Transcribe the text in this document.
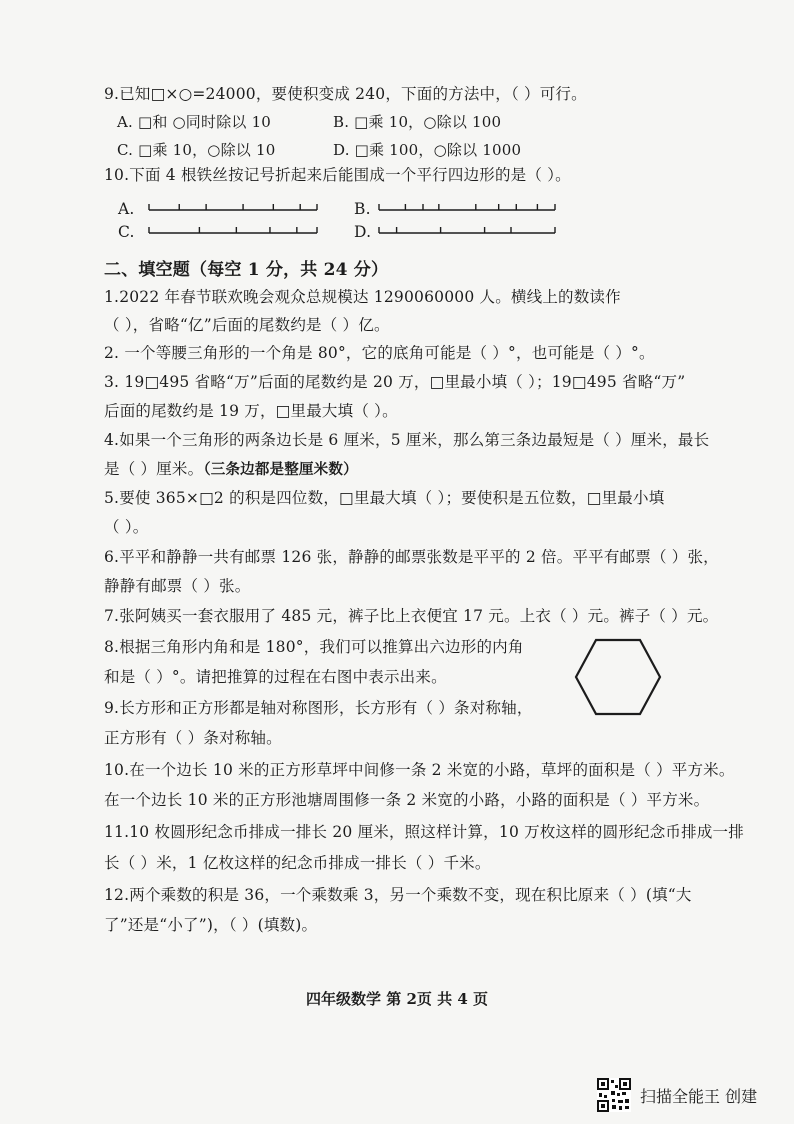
9.已知□×○=24000，要使积变成 240，下面的方法中，（ ）可行。
A. □和 ○同时除以 10	B. □乘 10，○除以 100
C. □乘 10，○除以 10	D. □乘 100，○除以 1000
10.下面 4 根铁丝按记号折起来后能围成一个平行四边形的是（ ）。
A.	B.
C.	D.
二、填空题（每空 1 分，共 24 分）
1.2022 年春节联欢晚会观众总规模达 1290060000 人。横线上的数读作
（ ），省略“亿”后面的尾数约是（ ）亿。
2. 一个等腰三角形的一个角是 80°，它的底角可能是（ ）°，也可能是（ ）°。
3. 19□495 省略“万”后面的尾数约是 20 万，□里最小填（ ）；19□495 省略“万”
后面的尾数约是 19 万，□里最大填（ ）。
4.如果一个三角形的两条边长是 6 厘米，5 厘米，那么第三条边最短是（ ）厘米，最长
是（ ）厘米。（三条边都是整厘米数）
5.要使 365×□2 的积是四位数，□里最大填（ ）；要使积是五位数，□里最小填
（ ）。
6.平平和静静一共有邮票 126 张，静静的邮票张数是平平的 2 倍。平平有邮票（ ）张，
静静有邮票（ ）张。
7.张阿姨买一套衣服用了 485 元，裤子比上衣便宜 17 元。上衣（ ）元。裤子（ ）元。
8.根据三角形内角和是 180°，我们可以推算出六边形的内角
和是（ ）°。请把推算的过程在右图中表示出来。
9.长方形和正方形都是轴对称图形，长方形有（ ）条对称轴，
正方形有（ ）条对称轴。
10.在一个边长 10 米的正方形草坪中间修一条 2 米宽的小路，草坪的面积是（ ）平方米。
在一个边长 10 米的正方形池塘周围修一条 2 米宽的小路，小路的面积是（ ）平方米。
11.10 枚圆形纪念币排成一排长 20 厘米，照这样计算，10 万枚这样的圆形纪念币排成一排
长（ ）米，1 亿枚这样的纪念币排成一排长（ ）千米。
12.两个乘数的积是 36，一个乘数乘 3，另一个乘数不变，现在积比原来（ ）(填“大
了”还是“小了”)，（ ）(填数)。
四年级数学 第 2页 共 4 页
扫描全能王 创建
